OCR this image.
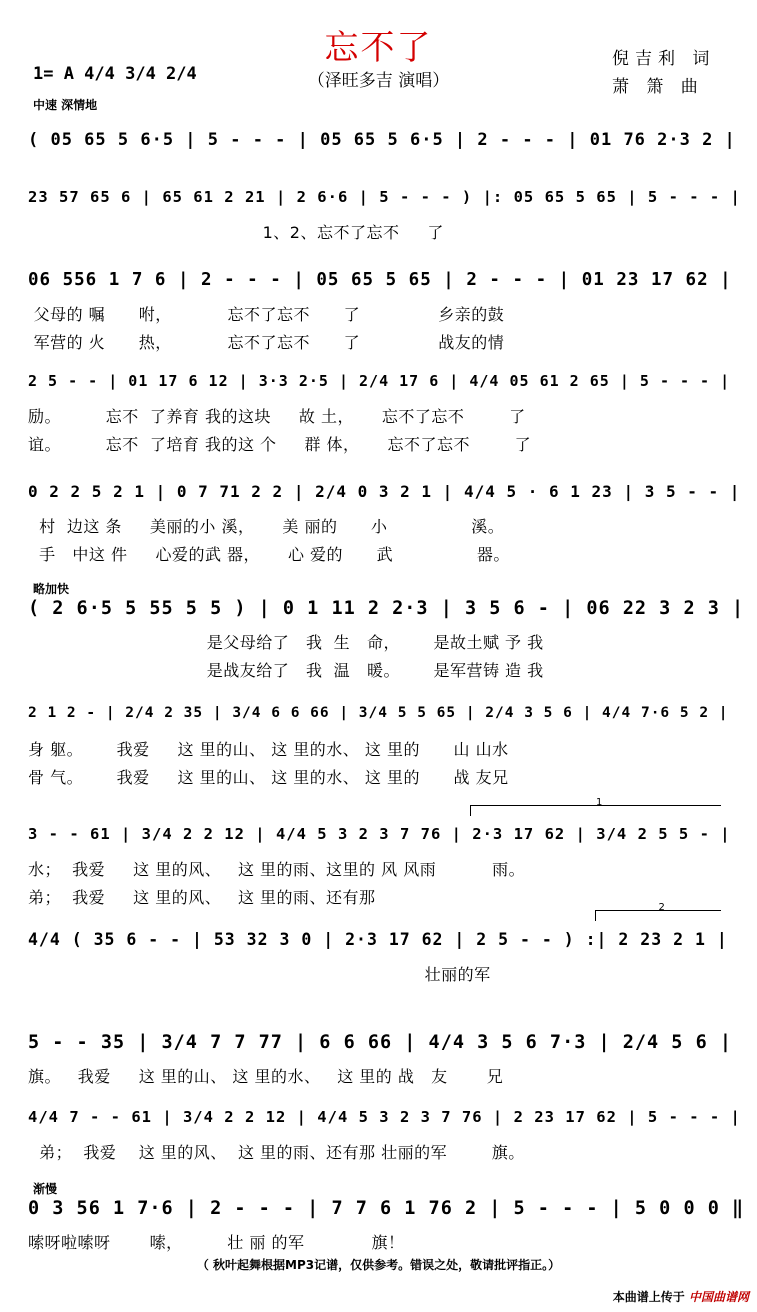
忘不了
（泽旺多吉 演唱）
倪吉利 词
萧 箫 曲
1= A 4/4 3/4 2/4
中速 深情地
( 05 65 5 6·5 | 5 - - - | 05 65 5 6·5 | 2 - - - | 01 76 2·3 2 |
23 57 65 6 | 65 61 2 21 | 2 6·6 | 5 - - - ) |: 05 65 5 65 | 5 - - - |
1、2、忘不了忘不     了
06 556 1 7 6 | 2 - - - | 05 65 5 65 | 2 - - - | 01 23 17 62 |
父母的 嘱      咐，          忘不了忘不      了              乡亲的鼓
军营的 火      热，          忘不了忘不      了              战友的情
2 5 - - | 01 17 6 12 | 3·3 2·5 | 2/4 17 6 | 4/4 05 61 2 65 | 5 - - - |
励。        忘不  了养育 我的这块     故 土，     忘不了忘不        了
谊。        忘不  了培育 我的这 个     群 体，     忘不了忘不        了
0 2 2 5 2 1 | 0 7 71 2 2 | 2/4 0 3 2 1 | 4/4 5 · 6 1 23 | 3 5 - - |
村  边这 条     美丽的小 溪，     美 丽的      小               溪。
手   中这 件     心爱的武 器，     心 爱的      武               器。
略加快
( 2 6·5 5 55 5 5 ) | 0 1 11 2 2·3 | 3 5 6 - | 06 22 3 2 3 |
是父母给了   我  生   命，      是故土赋 予 我
是战友给了   我  温   暖。      是军营铸 造 我
2 1 2 - | 2/4 2 35 | 3/4 6 6 66 | 3/4 5 5 65 | 2/4 3 5 6 | 4/4 7·6 5 2 |
身 躯。      我爱     这 里的山、 这 里的水、 这 里的      山 山水
骨 气。      我爱     这 里的山、 这 里的水、 这 里的      战 友兄
1
3 - - 61 | 3/4 2 2 12 | 4/4 5 3 2 3 7 76 | 2·3 17 62 | 3/4 2 5 5 - |
水；  我爱     这 里的风、   这 里的雨、这里的 风 风雨          雨。
弟；  我爱     这 里的风、   这 里的雨、还有那
2
4/4 ( 35 6 - - | 53 32 3 0 | 2·3 17 62 | 2 5 - - ) :| 2 23 2 1 |
壮丽的军
5 - - 35 | 3/4 7 7 77 | 6 6 66 | 4/4 3 5 6 7·3 | 2/4 5 6 |
旗。   我爱     这 里的山、 这 里的水、   这 里的 战   友       兄
4/4 7 - - 61 | 3/4 2 2 12 | 4/4 5 3 2 3 7 76 | 2 23 17 62 | 5 - - - |
弟；  我爱    这 里的风、  这 里的雨、还有那 壮丽的军        旗。
渐慢
0 3 56 1 7·6 | 2 - - - | 7 7 6 1 76 2 | 5 - - - | 5 0 0 0 ‖
嗦呀啦嗦呀       嗦，        壮 丽 的军            旗！
（ 秋叶起舞根据MP3记谱，仅供参考。错误之处，敬请批评指正。）
本曲谱上传于 中国曲谱网
